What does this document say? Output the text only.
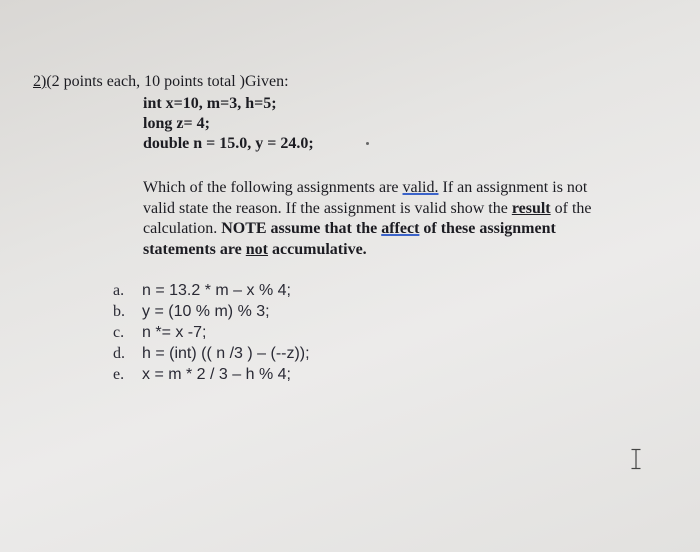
2)(2 points each, 10 points total )Given:
int x=10, m=3, h=5;
long z= 4;
double n = 15.0, y = 24.0;
Which of the following assignments are valid. If an assignment is not
valid state the reason. If the assignment is valid show the result of the
calculation. NOTE assume that the affect of these assignment
statements are not accumulative.
a. n = 13.2 * m – x % 4;
b. y = (10 % m) % 3;
c. n *= x -7;
d. h = (int) (( n /3 ) – (--z));
e. x = m * 2 / 3 – h % 4;
